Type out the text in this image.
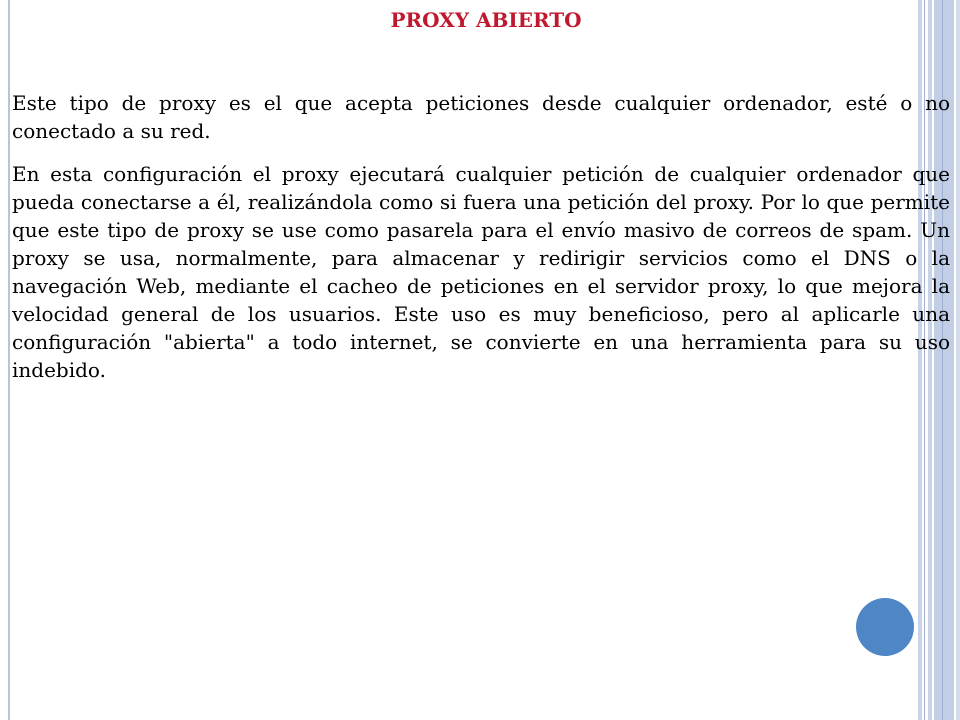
PROXY ABIERTO

Este tipo de proxy es el que acepta peticiones desde cualquier ordenador, esté o no conectado a su red.

En esta configuración el proxy ejecutará cualquier petición de cualquier ordenador que pueda conectarse a él, realizándola como si fuera una petición del proxy. Por lo que permite que este tipo de proxy se use como pasarela para el envío masivo de correos de spam. Un proxy se usa, normalmente, para almacenar y redirigir servicios como el DNS o la navegación Web, mediante el cacheo de peticiones en el servidor proxy, lo que mejora la velocidad general de los usuarios. Este uso es muy beneficioso, pero al aplicarle una configuración "abierta" a todo internet, se convierte en una herramienta para su uso indebido.
